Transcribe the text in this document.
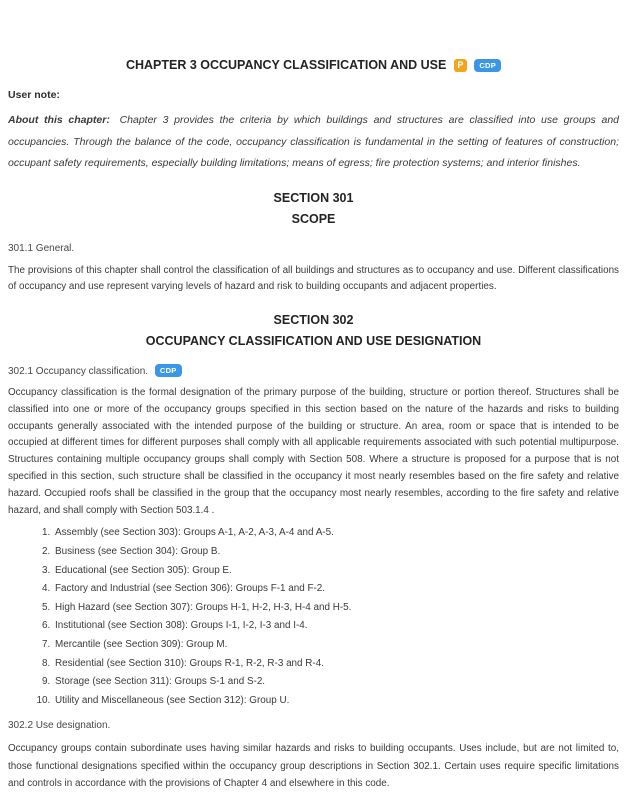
CHAPTER 3 OCCUPANCY CLASSIFICATION AND USE P CDP

User note:

About this chapter: Chapter 3 provides the criteria by which buildings and structures are classified into use groups and occupancies. Through the balance of the code, occupancy classification is fundamental in the setting of features of construction; occupant safety requirements, especially building limitations; means of egress; fire protection systems; and interior finishes.

SECTION 301
SCOPE

301.1 General.

The provisions of this chapter shall control the classification of all buildings and structures as to occupancy and use. Different classifications of occupancy and use represent varying levels of hazard and risk to building occupants and adjacent properties.

SECTION 302
OCCUPANCY CLASSIFICATION AND USE DESIGNATION

302.1 Occupancy classification. CDP

Occupancy classification is the formal designation of the primary purpose of the building, structure or portion thereof. Structures shall be classified into one or more of the occupancy groups specified in this section based on the nature of the hazards and risks to building occupants generally associated with the intended purpose of the building or structure. An area, room or space that is intended to be occupied at different times for different purposes shall comply with all applicable requirements associated with such potential multipurpose. Structures containing multiple occupancy groups shall comply with Section 508. Where a structure is proposed for a purpose that is not specified in this section, such structure shall be classified in the occupancy it most nearly resembles based on the fire safety and relative hazard. Occupied roofs shall be classified in the group that the occupancy most nearly resembles, according to the fire safety and relative hazard, and shall comply with Section 503.1.4 .

1. Assembly (see Section 303): Groups A-1, A-2, A-3, A-4 and A-5.
2. Business (see Section 304): Group B.
3. Educational (see Section 305): Group E.
4. Factory and Industrial (see Section 306): Groups F-1 and F-2.
5. High Hazard (see Section 307): Groups H-1, H-2, H-3, H-4 and H-5.
6. Institutional (see Section 308): Groups I-1, I-2, I-3 and I-4.
7. Mercantile (see Section 309): Group M.
8. Residential (see Section 310): Groups R-1, R-2, R-3 and R-4.
9. Storage (see Section 311): Groups S-1 and S-2.
10. Utility and Miscellaneous (see Section 312): Group U.

302.2 Use designation.

Occupancy groups contain subordinate uses having similar hazards and risks to building occupants. Uses include, but are not limited to, those functional designations specified within the occupancy group descriptions in Section 302.1. Certain uses require specific limitations and controls in accordance with the provisions of Chapter 4 and elsewhere in this code.
